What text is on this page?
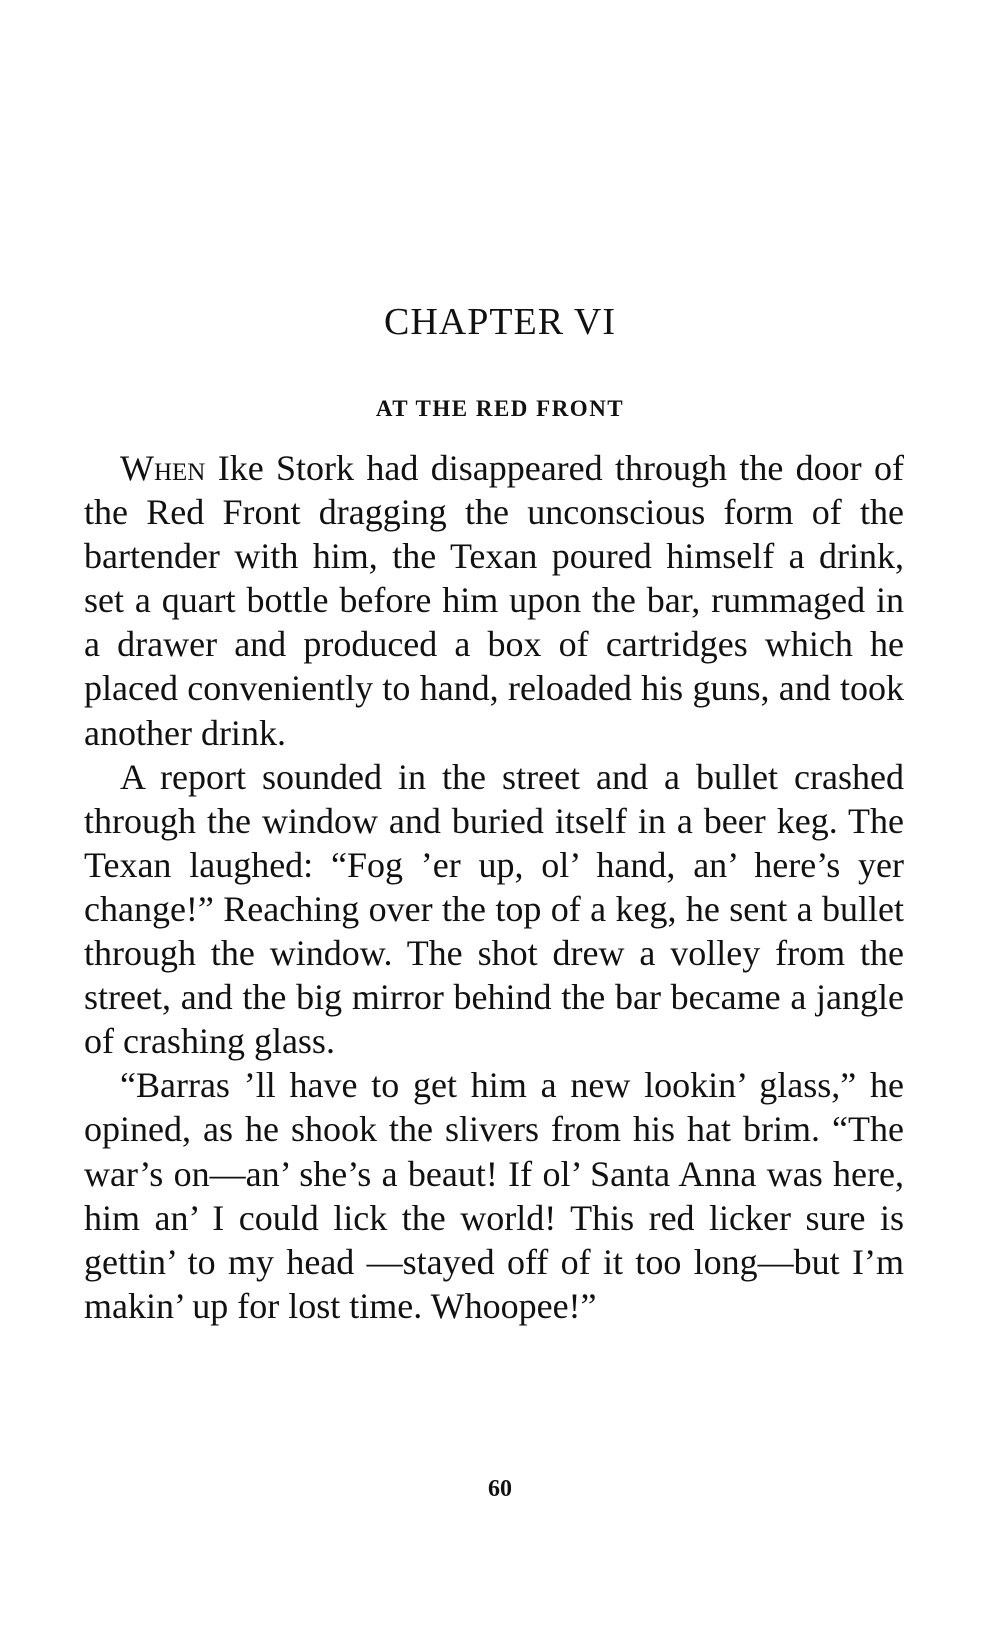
CHAPTER VI
AT THE RED FRONT

When Ike Stork had disappeared through the door of the Red Front dragging the unconscious form of the bartender with him, the Texan poured himself a drink, set a quart bottle before him upon the bar, rummaged in a drawer and produced a box of cartridges which he placed conveniently to hand, reloaded his guns, and took another drink.

A report sounded in the street and a bullet crashed through the window and buried itself in a beer keg. The Texan laughed: “Fog ’er up, ol’ hand, an’ here’s yer change!” Reaching over the top of a keg, he sent a bullet through the window. The shot drew a volley from the street, and the big mirror behind the bar became a jangle of crashing glass.

“Barras ’ll have to get him a new lookin’ glass,” he opined, as he shook the slivers from his hat brim. “The war’s on—an’ she’s a beaut! If ol’ Santa Anna was here, him an’ I could lick the world! This red licker sure is gettin’ to my head —stayed off of it too long—but I’m makin’ up for lost time. Whoopee!”

60
